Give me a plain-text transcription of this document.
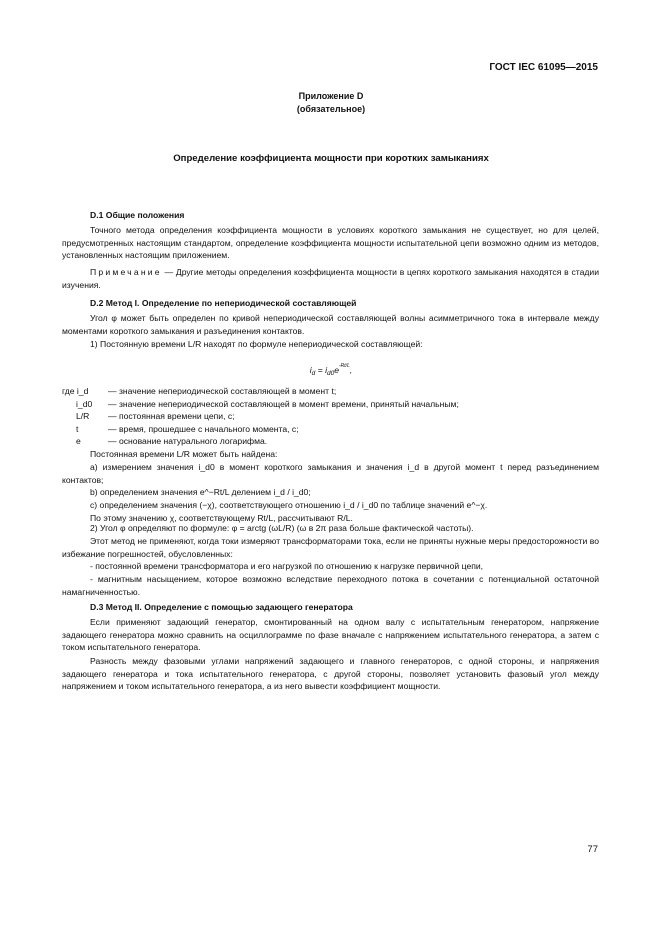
ГОСТ IEC 61095—2015
Приложение D
(обязательное)
Определение коэффициента мощности при коротких замыканиях
D.1 Общие положения
Точного метода определения коэффициента мощности в условиях короткого замыкания не существует, но для целей, предусмотренных настоящим стандартом, определение коэффициента мощности испытательной цепи возможно одним из методов, установленных настоящим приложением.
Примечание — Другие методы определения коэффициента мощности в цепях короткого замыкания находятся в стадии изучения.
D.2 Метод I. Определение по непериодической составляющей
Угол φ может быть определен по кривой непериодической составляющей волны асимметричного тока в интервале между моментами короткого замыкания и разъединения контактов.
1) Постоянную времени L/R находят по формуле непериодической составляющей:
$i_d = i_{d0}e^{-Rt/L}$,
где i_d	— значение непериодической составляющей в момент t;
i_d0	— значение непериодической составляющей в момент времени, принятый начальным;
L/R	— постоянная времени цепи, с;
t	— время, прошедшее с начального момента, с;
e	— основание натурального логарифма.
Постоянная времени L/R может быть найдена:
а) измерением значения i_d0 в момент короткого замыкания и значения i_d в другой момент t перед разъединением контактов;
b) определением значения e^−Rt/L делением i_d / i_d0;
c) определением значения (−χ), соответствующего отношению i_d / i_d0 по таблице значений e^−χ.
По этому значению χ, соответствующему Rt/L, рассчитывают R/L.
2) Угол φ определяют по формуле: φ = arctg (ωL/R) (ω в 2π раза больше фактической частоты).
Этот метод не применяют, когда токи измеряют трансформаторами тока, если не приняты нужные меры предосторожности во избежание погрешностей, обусловленных:
- постоянной времени трансформатора и его нагрузкой по отношению к нагрузке первичной цепи,
- магнитным насыщением, которое возможно вследствие переходного потока в сочетании с потенциальной остаточной намагниченностью.
D.3 Метод II. Определение с помощью задающего генератора
Если применяют задающий генератор, смонтированный на одном валу с испытательным генератором, напряжение задающего генератора можно сравнить на осциллограмме по фазе вначале с напряжением испытательного генератора, а затем с током испытательного генератора.
Разность между фазовыми углами напряжений задающего и главного генераторов, с одной стороны, и напряжения задающего генератора и тока испытательного генератора, с другой стороны, позволяет установить фазовый угол между напряжением и током испытательного генератора, а из него вывести коэффициент мощности.
77
